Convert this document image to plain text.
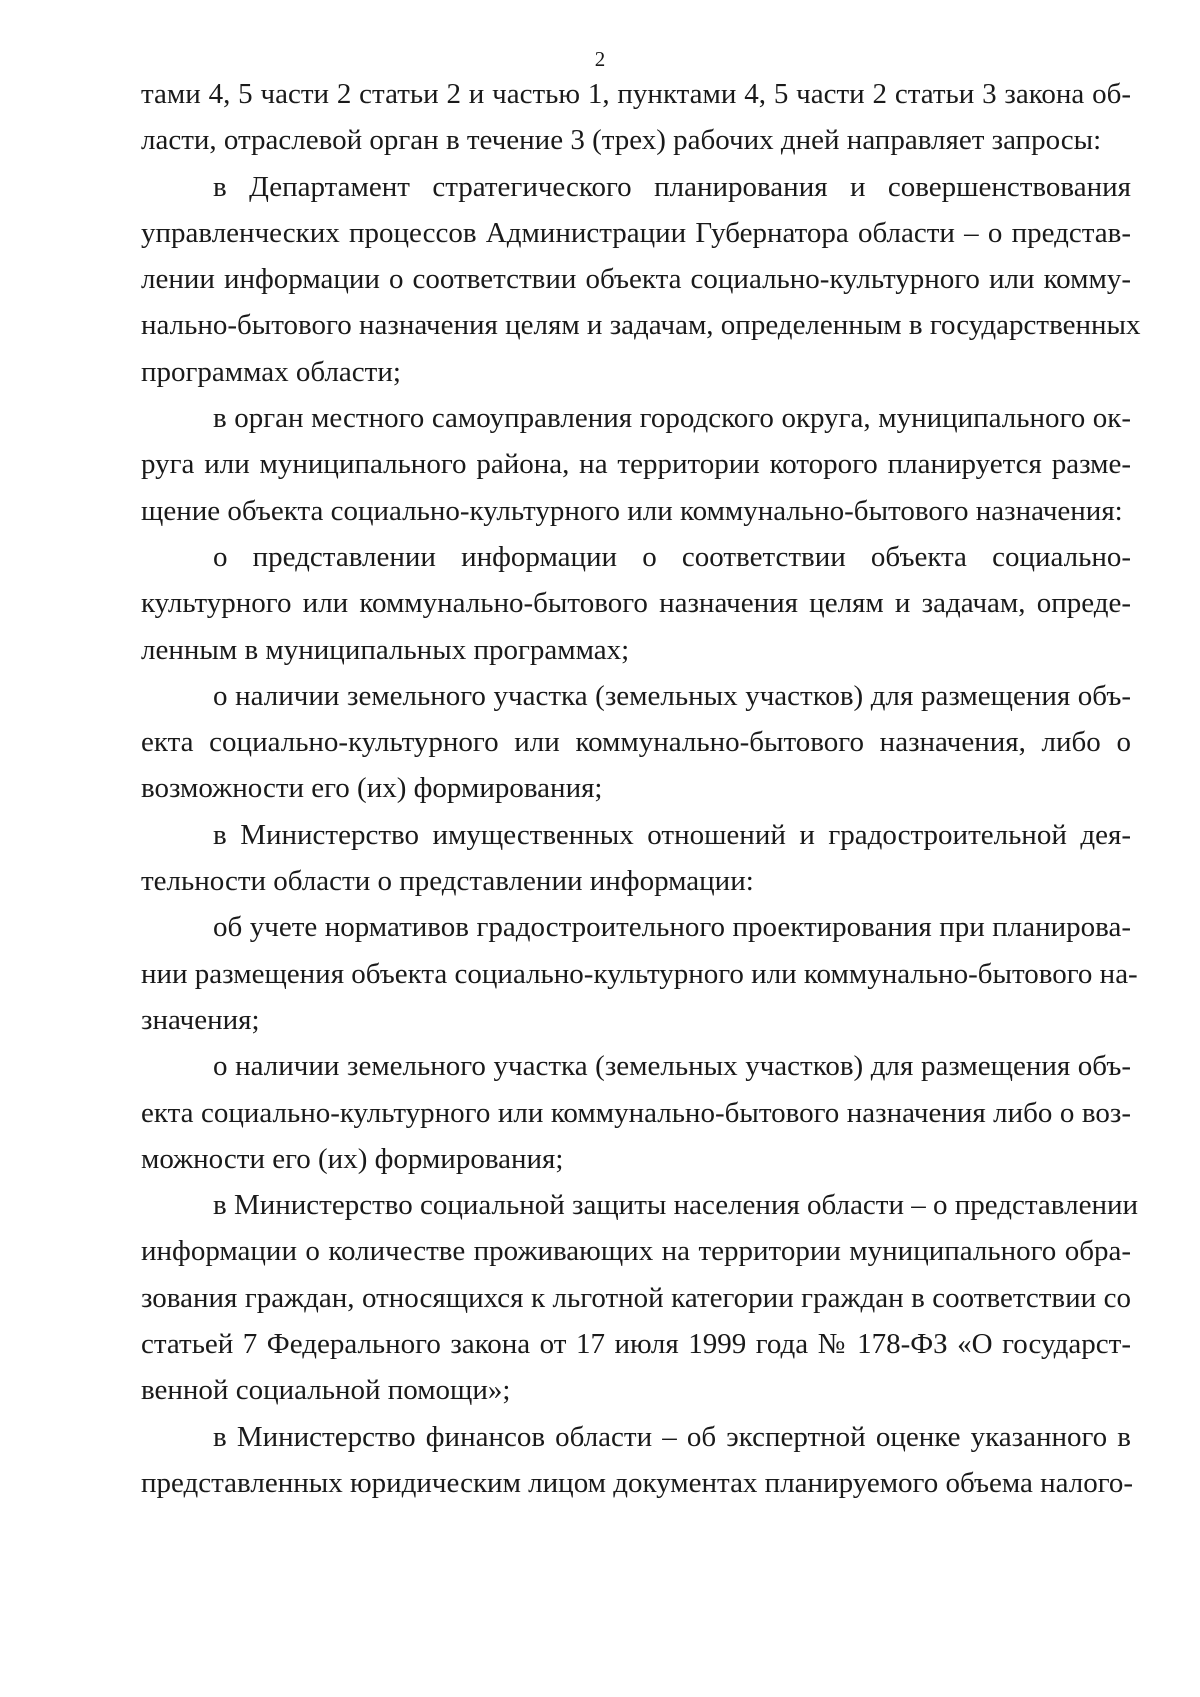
2
тами 4, 5 части 2 статьи 2 и частью 1, пунктами 4, 5 части 2 статьи 3 закона об-
ласти, отраслевой орган в течение 3 (трех) рабочих дней направляет запросы:
в Департамент стратегического планирования и совершенствования
управленческих процессов Администрации Губернатора области – о представ-
лении информации о соответствии объекта социально-культурного или комму-
нально-бытового назначения целям и задачам, определенным в государственных
программах области;
в орган местного самоуправления городского округа, муниципального ок-
руга или муниципального района, на территории которого планируется разме-
щение объекта социально-культурного или коммунально-бытового назначения:
о представлении информации о соответствии объекта социально-
культурного или коммунально-бытового назначения целям и задачам, опреде-
ленным в муниципальных программах;
о наличии земельного участка (земельных участков) для размещения объ-
екта социально-культурного или коммунально-бытового назначения, либо о
возможности его (их) формирования;
в Министерство имущественных отношений и градостроительной дея-
тельности области о представлении информации:
об учете нормативов градостроительного проектирования при планирова-
нии размещения объекта социально-культурного или коммунально-бытового на-
значения;
о наличии земельного участка (земельных участков) для размещения объ-
екта социально-культурного или коммунально-бытового назначения либо о воз-
можности его (их) формирования;
в Министерство социальной защиты населения области – о представлении
информации о количестве проживающих на территории муниципального обра-
зования граждан, относящихся к льготной категории граждан в соответствии со
статьей 7 Федерального закона от 17 июля 1999 года № 178-ФЗ «О государст-
венной социальной помощи»;
в Министерство финансов области – об экспертной оценке указанного в
представленных юридическим лицом документах планируемого объема налого-
